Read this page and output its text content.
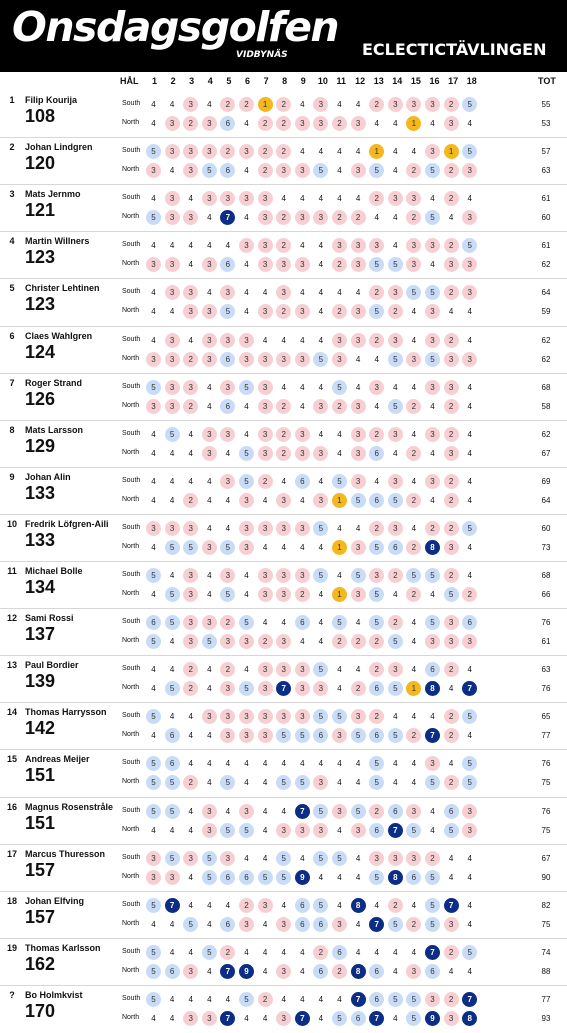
Onsdagsgolfen
VIDBYNÄS	ECLECTICTÄVLINGEN
HÅL	TOT
1 2 3 4 5 6 7 8 9 10 11 12 13 14 15 16 17 18
1	Filip Kourija
108
South	4	4	3	4	2	2	1	2	4	3	4	4	2	3	3	3	2	5	55
North	4	3	2	3	6	4	2	2	3	3	2	3	4	4	1	4	3	4	53
2	Johan Lindgren
120
South	5	3	3	3	2	3	2	2	4	4	4	4	1	4	4	3	1	5	57
North	3	4	3	5	6	4	2	3	3	5	4	3	5	4	2	5	2	3	63
3	Mats Jernmo
121
South	4	3	4	3	3	3	3	4	4	4	4	4	2	3	3	4	2	4	61
North	5	3	3	4	7	4	3	2	3	3	2	2	4	4	2	5	4	3	60
4	Martin Willners
123
South	4	4	4	4	4	3	3	2	4	4	3	3	3	4	3	3	2	5	61
North	3	3	4	3	6	4	3	3	3	4	2	3	5	5	3	4	3	3	62
5	Christer Lehtinen
123
South	4	3	3	4	3	4	4	3	4	4	4	4	2	3	5	5	2	3	64
North	4	4	3	3	5	4	3	2	3	4	2	3	5	2	4	3	4	4	59
6	Claes Wahlgren
124
South	4	3	4	3	3	3	4	4	4	4	3	3	2	3	4	3	2	4	62
North	3	3	2	3	6	3	3	3	3	5	3	4	4	5	3	5	3	3	62
7	Roger Strand
126
South	5	3	3	4	3	5	3	4	4	4	5	4	3	4	4	3	3	4	68
North	3	3	2	4	6	4	3	2	4	3	2	3	4	5	2	4	2	4	58
8	Mats Larsson
129
South	4	5	4	3	3	4	3	2	3	4	4	3	2	3	4	3	2	4	62
North	4	4	4	3	4	5	3	2	3	3	4	3	6	4	2	4	3	4	67
9	Johan Alin
133
South	4	4	4	4	3	5	2	4	6	4	5	3	4	3	4	3	2	4	69
North	4	4	2	4	4	3	4	3	4	3	1	5	6	5	2	4	2	4	64
10 Fredrik Löfgren-Aili
133
South	3	3	3	4	4	3	3	3	3	5	4	4	2	3	4	2	2	5	60
North	4	5	5	3	5	3	4	4	4	4	1	3	5	6	2	8	3	4	73
11 Michael Bolle
134
South	5	4	3	4	3	4	3	3	3	5	4	5	3	2	5	5	2	4	68
North	4	5	3	4	5	4	3	3	2	4	1	3	5	4	2	4	5	2	66
12 Sami Rossi
137
South	6	5	3	3	2	5	4	4	6	4	5	4	5	2	4	5	3	6	76
North	5	4	3	5	3	3	2	3	4	4	2	2	2	5	4	3	3	3	61
13 Paul Bordier
139
South	4	4	2	4	2	4	3	3	3	5	4	4	2	3	4	6	2	4	63
North	4	5	2	4	3	5	3	7	3	3	4	2	6	5	1	8	4	7	76
14 Thomas Harrysson
142
South	5	4	4	3	3	3	3	3	3	5	5	3	2	4	4	4	2	5	65
North	4	6	4	4	3	3	3	5	5	6	3	5	6	5	2	7	2	4	77
15 Andreas Meijer
151
South	5	6	4	4	4	4	4	4	4	4	4	4	5	4	4	3	4	5	76
North	5	5	2	4	5	4	4	5	5	3	4	4	5	4	4	5	2	5	75
16 Magnus Rosenstråle
151
South	5	5	4	3	4	3	4	4	7	5	3	5	2	6	3	4	6	3	76
North	4	4	4	3	5	5	4	3	3	3	4	3	6	7	5	4	5	3	75
17 Marcus Thuresson
157
South	3	5	3	5	3	4	4	5	4	5	5	4	3	3	3	2	4	4	67
North	3	3	4	5	6	6	5	5	9	4	4	4	5	8	6	5	4	4	90
18 Johan Elfving
157
South	5	7	4	4	4	2	3	4	6	5	4	8	4	2	4	5	7	4	82
North	4	4	5	4	6	3	4	3	6	6	3	4	7	5	2	5	3	4	75
19 Thomas Karlsson
162
South	5	4	4	5	2	4	4	4	4	2	6	4	4	4	4	7	2	5	74
North	5	6	3	4	7	9	4	3	4	6	2	8	6	4	3	6	4	4	88
?	Bo Holmkvist
170
South	5	4	4	4	4	5	2	4	4	4	4	7	6	5	5	3	2	7	77
North	4	4	3	3	7	4	4	3	7	4	5	6	7	4	5	9	3	8	93
